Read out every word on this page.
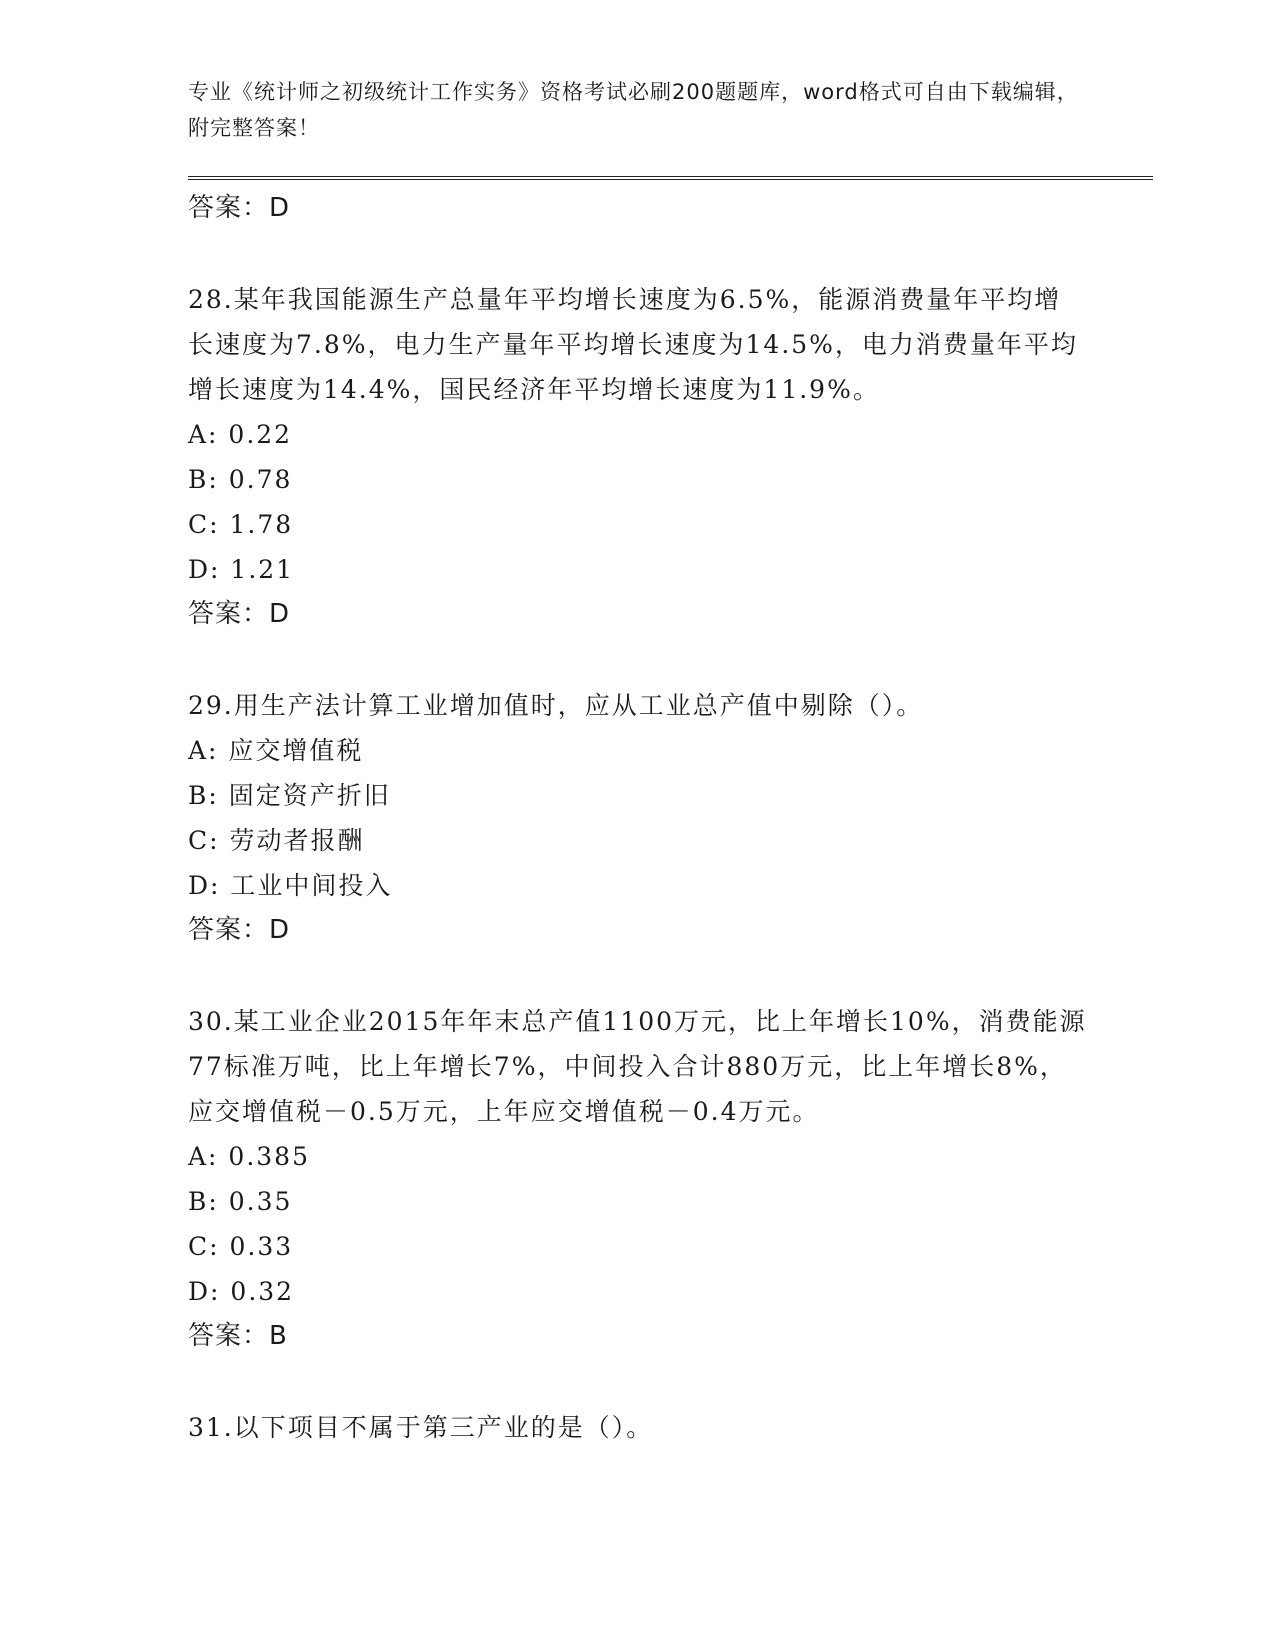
专业《统计师之初级统计工作实务》资格考试必刷200题题库，word格式可自由下载编辑，附完整答案！
答案：D
28.某年我国能源生产总量年平均增长速度为6.5%，能源消费量年平均增长速度为7.8%，电力生产量年平均增长速度为14.5%，电力消费量年平均增长速度为14.4%，国民经济年平均增长速度为11.9%。
A: 0.22
B: 0.78
C: 1.78
D: 1.21
答案：D
29.用生产法计算工业增加值时，应从工业总产值中剔除（）。
A: 应交增值税
B: 固定资产折旧
C: 劳动者报酬
D: 工业中间投入
答案：D
30.某工业企业2015年年末总产值1100万元，比上年增长10%，消费能源77标准万吨，比上年增长7%，中间投入合计880万元，比上年增长8%，应交增值税－0.5万元，上年应交增值税－0.4万元。
A: 0.385
B: 0.35
C: 0.33
D: 0.32
答案：B
31.以下项目不属于第三产业的是（）。
